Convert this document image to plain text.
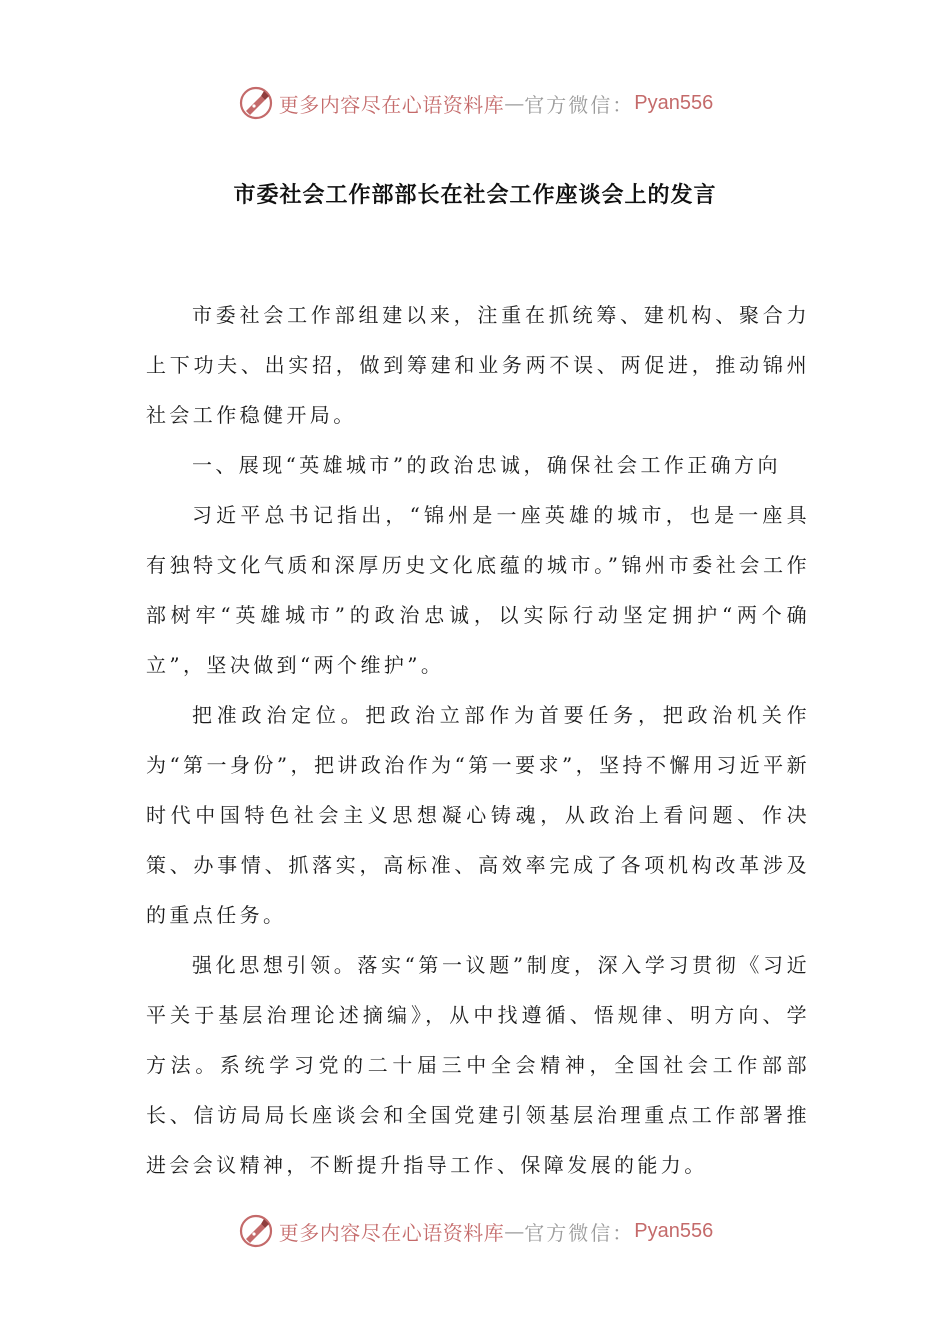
更多内容尽在心语资料库 — 官方微信： Pyan556
市委社会工作部部长在社会工作座谈会上的发言

市委社会工作部组建以来，注重在抓统筹、建机构、聚合力上下功夫、出实招，做到筹建和业务两不误、两促进，推动锦州社会工作稳健开局。

一、展现“英雄城市”的政治忠诚，确保社会工作正确方向

习近平总书记指出，“锦州是一座英雄的城市，也是一座具有独特文化气质和深厚历史文化底蕴的城市。”锦州市委社会工作部树牢“英雄城市”的政治忠诚，以实际行动坚定拥护“两个确立”，坚决做到“两个维护”。

把准政治定位。把政治立部作为首要任务，把政治机关作为“第一身份”，把讲政治作为“第一要求”，坚持不懈用习近平新时代中国特色社会主义思想凝心铸魂，从政治上看问题、作决策、办事情、抓落实，高标准、高效率完成了各项机构改革涉及的重点任务。

强化思想引领。落实“第一议题”制度，深入学习贯彻《习近平关于基层治理论述摘编》，从中找遵循、悟规律、明方向、学方法。系统学习党的二十届三中全会精神，全国社会工作部部长、信访局局长座谈会和全国党建引领基层治理重点工作部署推进会会议精神，不断提升指导工作、保障发展的能力。

更多内容尽在心语资料库 — 官方微信： Pyan556
